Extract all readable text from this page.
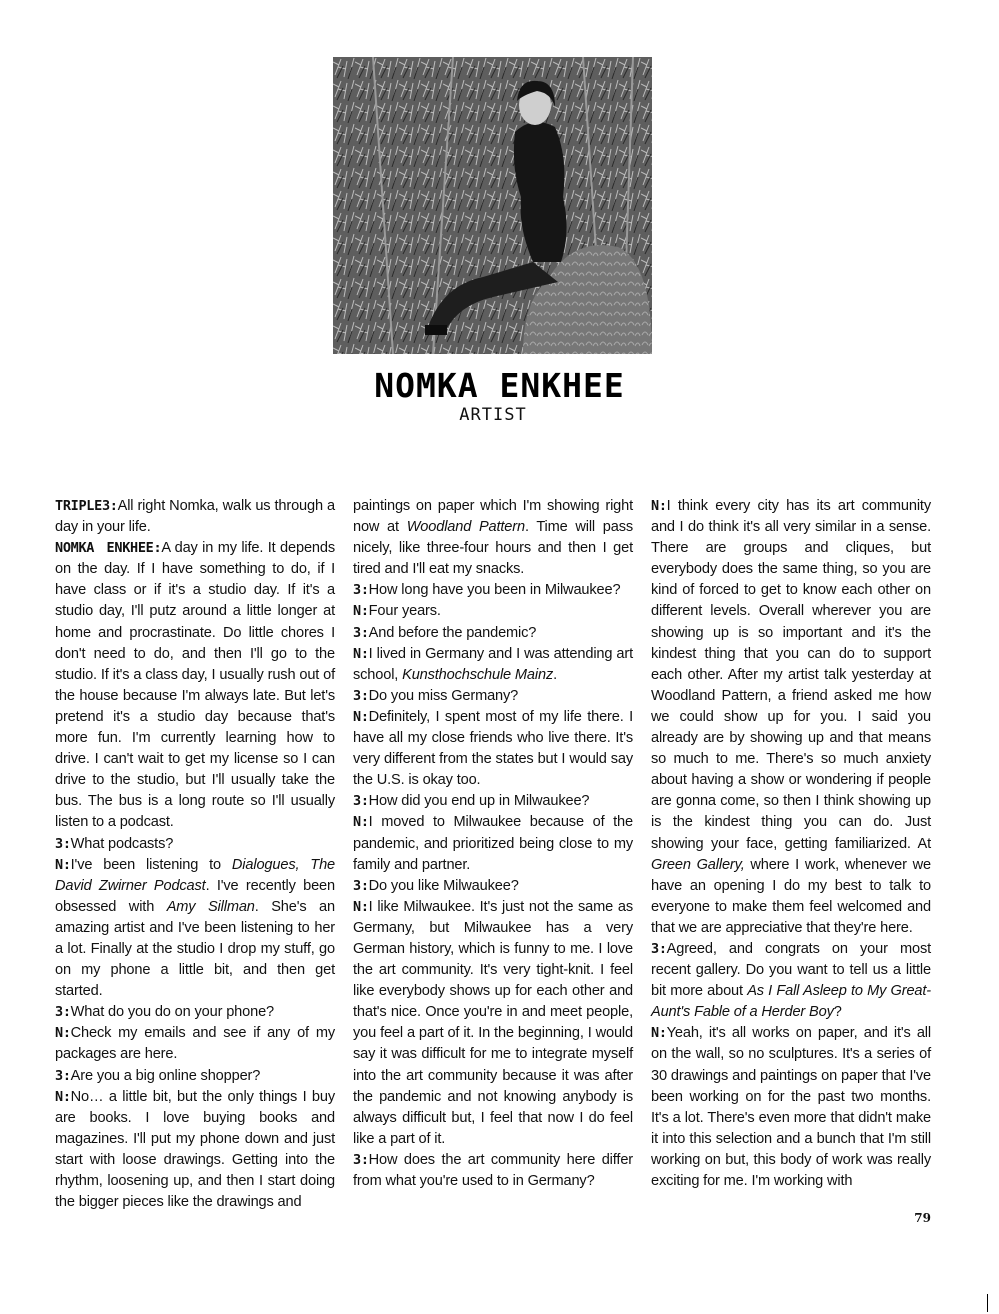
NOMKA ENKHEE
ARTIST

TRIPLE3:All right Nomka, walk us through a day in your life.

NOMKA ENKHEE:A day in my life. It depends on the day. If I have something to do, if I have class or if it's a studio day. If it's a studio day, I'll putz around a little longer at home and procrastinate. Do little chores I don't need to do, and then I'll go to the studio. If it's a class day, I usually rush out of the house because I'm always late. But let's pretend it's a studio day because that's more fun. I'm currently learning how to drive. I can't wait to get my license so I can drive to the studio, but I'll usually take the bus. The bus is a long route so I'll usually listen to a podcast.

3:What podcasts?

N:I've been listening to Dialogues, The David Zwirner Podcast. I've recently been obsessed with Amy Sillman. She's an amazing artist and I've been listening to her a lot. Finally at the studio I drop my stuff, go on my phone a little bit, and then get started.

3:What do you do on your phone?

N:Check my emails and see if any of my packages are here.

3:Are you a big online shopper?

N:No… a little bit, but the only things I buy are books. I love buying books and magazines. I'll put my phone down and just start with loose drawings. Getting into the rhythm, loosening up, and then I start doing the bigger pieces like the drawings and

paintings on paper which I'm showing right now at Woodland Pattern. Time will pass nicely, like three-four hours and then I get tired and I'll eat my snacks.

3:How long have you been in Milwaukee?

N:Four years.

3:And before the pandemic?

N:I lived in Germany and I was attending art school, Kunsthochschule Mainz.

3:Do you miss Germany?

N:Definitely, I spent most of my life there. I have all my close friends who live there. It's very different from the states but I would say the U.S. is okay too.

3:How did you end up in Milwaukee?

N:I moved to Milwaukee because of the pandemic, and prioritized being close to my family and partner.

3:Do you like Milwaukee?

N:I like Milwaukee. It's just not the same as Germany, but Milwaukee has a very German history, which is funny to me. I love the art community. It's very tight-knit. I feel like everybody shows up for each other and that's nice. Once you're in and meet people, you feel a part of it. In the beginning, I would say it was difficult for me to integrate myself into the art community because it was after the pandemic and not knowing anybody is always difficult but, I feel that now I do feel like a part of it.

3:How does the art community here differ from what you're used to in Germany?

N:I think every city has its art community and I do think it's all very similar in a sense. There are groups and cliques, but everybody does the same thing, so you are kind of forced to get to know each other on different levels. Overall wherever you are showing up is so important and it's the kindest thing that you can do to support each other. After my artist talk yesterday at Woodland Pattern, a friend asked me how we could show up for you. I said you already are by showing up and that means so much to me. There's so much anxiety about having a show or wondering if people are gonna come, so then I think showing up is the kindest thing you can do. Just showing your face, getting familiarized. At Green Gallery, where I work, whenever we have an opening I do my best to talk to everyone to make them feel welcomed and that we are appreciative that they're here.

3:Agreed, and congrats on your most recent gallery. Do you want to tell us a little bit more about As I Fall Asleep to My Great-Aunt's Fable of a Herder Boy?

N:Yeah, it's all works on paper, and it's all on the wall, so no sculptures. It's a series of 30 drawings and paintings on paper that I've been working on for the past two months. It's a lot. There's even more that didn't make it into this selection and a bunch that I'm still working on but, this body of work was really exciting for me. I'm working with

79
